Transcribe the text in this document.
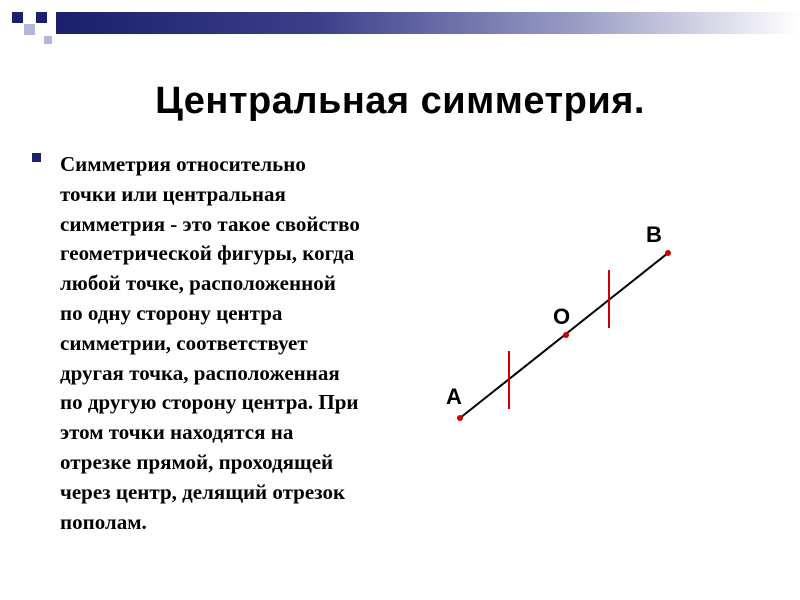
Центральная симметрия.
Симметрия относительно
точки или центральная
симметрия - это такое свойство
геометрической фигуры, когда
любой точке, расположенной
по одну сторону центра
симметрии, соответствует
другая точка, расположенная
по другую сторону центра. При
этом точки находятся на
отрезке прямой, проходящей
через центр, делящий отрезок
пополам.
А
О
В
